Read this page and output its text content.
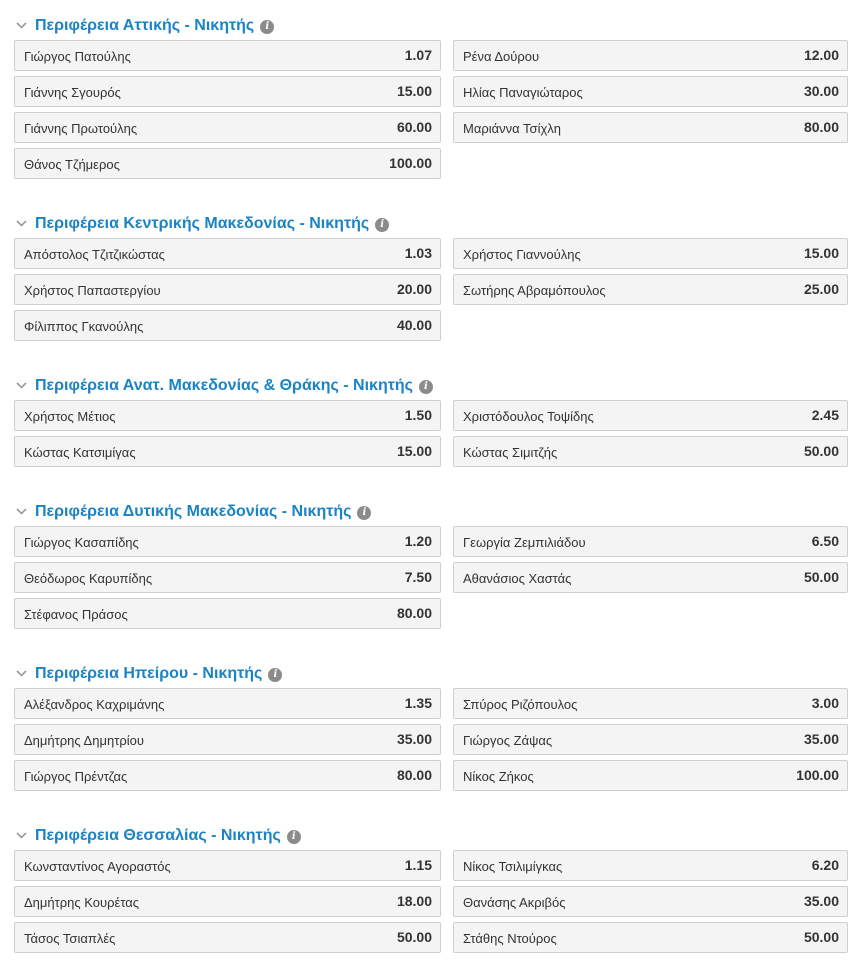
Περιφέρεια Αττικής - Νικητής	i
Γιώργος Πατούλης	1.07 Ρένα Δούρου	12.00
Γιάννης Σγουρός	15.00 Ηλίας Παναγιώταρος	30.00
Γιάννης Πρωτούλης	60.00 Μαριάννα Τσίχλη	80.00
Θάνος Τζήμερος	100.00
Περιφέρεια Κεντρικής Μακεδονίας - Νικητής	i
Απόστολος Τζιτζικώστας	1.03 Χρήστος Γιαννούλης	15.00
Χρήστος Παπαστεργίου	20.00 Σωτήρης Αβραμόπουλος	25.00
Φίλιππος Γκανούλης	40.00
Περιφέρεια Ανατ. Μακεδονίας & Θράκης - Νικητής	i
Χρήστος Μέτιος	1.50 Χριστόδουλος Τοψίδης	2.45
Κώστας Κατσιμίγας	15.00 Κώστας Σιμιτζής	50.00
Περιφέρεια Δυτικής Μακεδονίας - Νικητής	i
Γιώργος Κασαπίδης	1.20 Γεωργία Ζεμπιλιάδου	6.50
Θεόδωρος Καρυπίδης	7.50 Αθανάσιος Χαστάς	50.00
Στέφανος Πράσος	80.00
Περιφέρεια Ηπείρου - Νικητής	i
Αλέξανδρος Καχριμάνης	1.35 Σπύρος Ριζόπουλος	3.00
Δημήτρης Δημητρίου	35.00 Γιώργος Ζάψας	35.00
Γιώργος Πρέντζας	80.00 Νίκος Ζήκος	100.00
Περιφέρεια Θεσσαλίας - Νικητής	i
Κωνσταντίνος Αγοραστός	1.15 Νίκος Τσιλιμίγκας	6.20
Δημήτρης Κουρέτας	18.00 Θανάσης Ακριβός	35.00
Τάσος Τσιαπλές	50.00 Στάθης Ντούρος	50.00
